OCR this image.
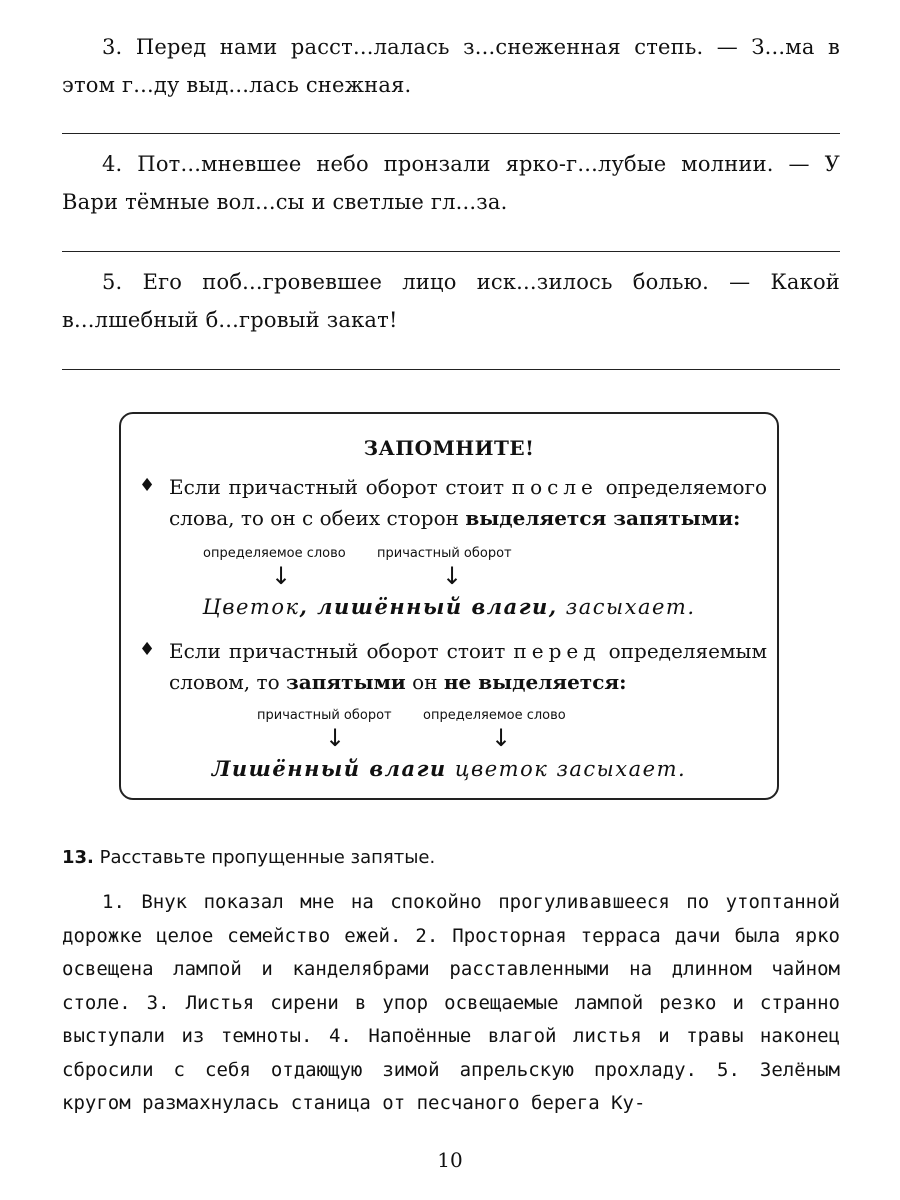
3. Перед нами расст...лалась з...снеженная степь. — З...ма в этом г...ду выд...лась снежная.

4. Пот...мневшее небо пронзали ярко-г...лубые молнии. — У Вари тёмные вол...сы и светлые гл...за.

5. Его поб...гровевшее лицо иск...зилось болью. — Какой в...лшебный б...гровый закат!

ЗАПОМНИТЕ!
♦ Если причастный оборот стоит после определяемого слова, то он с обеих сторон выделяется запятыми:
определяемое слово причастный оборот
↓	↓
Цветок, лишённый влаги, засыхает.
♦ Если причастный оборот стоит перед определяемым словом, то запятыми он не выделяется:
причастный оборот определяемое слово
↓	↓
Лишённый влаги цветок засыхает.
13. Расставьте пропущенные запятые.

1. Внук показал мне на спокойно прогуливавшееся по утоптанной дорожке целое семейство ежей. 2. Просторная терраса дачи была ярко освещена лампой и канделябрами расставленными на длинном чайном столе. 3. Листья сирени в упор освещаемые лампой резко и странно выступали из темноты. 4. Напоённые влагой листья и травы наконец сбросили с себя отдающую зимой апрельскую прохладу. 5. Зелёным кругом размахнулась станица от песчаного берега Ку-

10
